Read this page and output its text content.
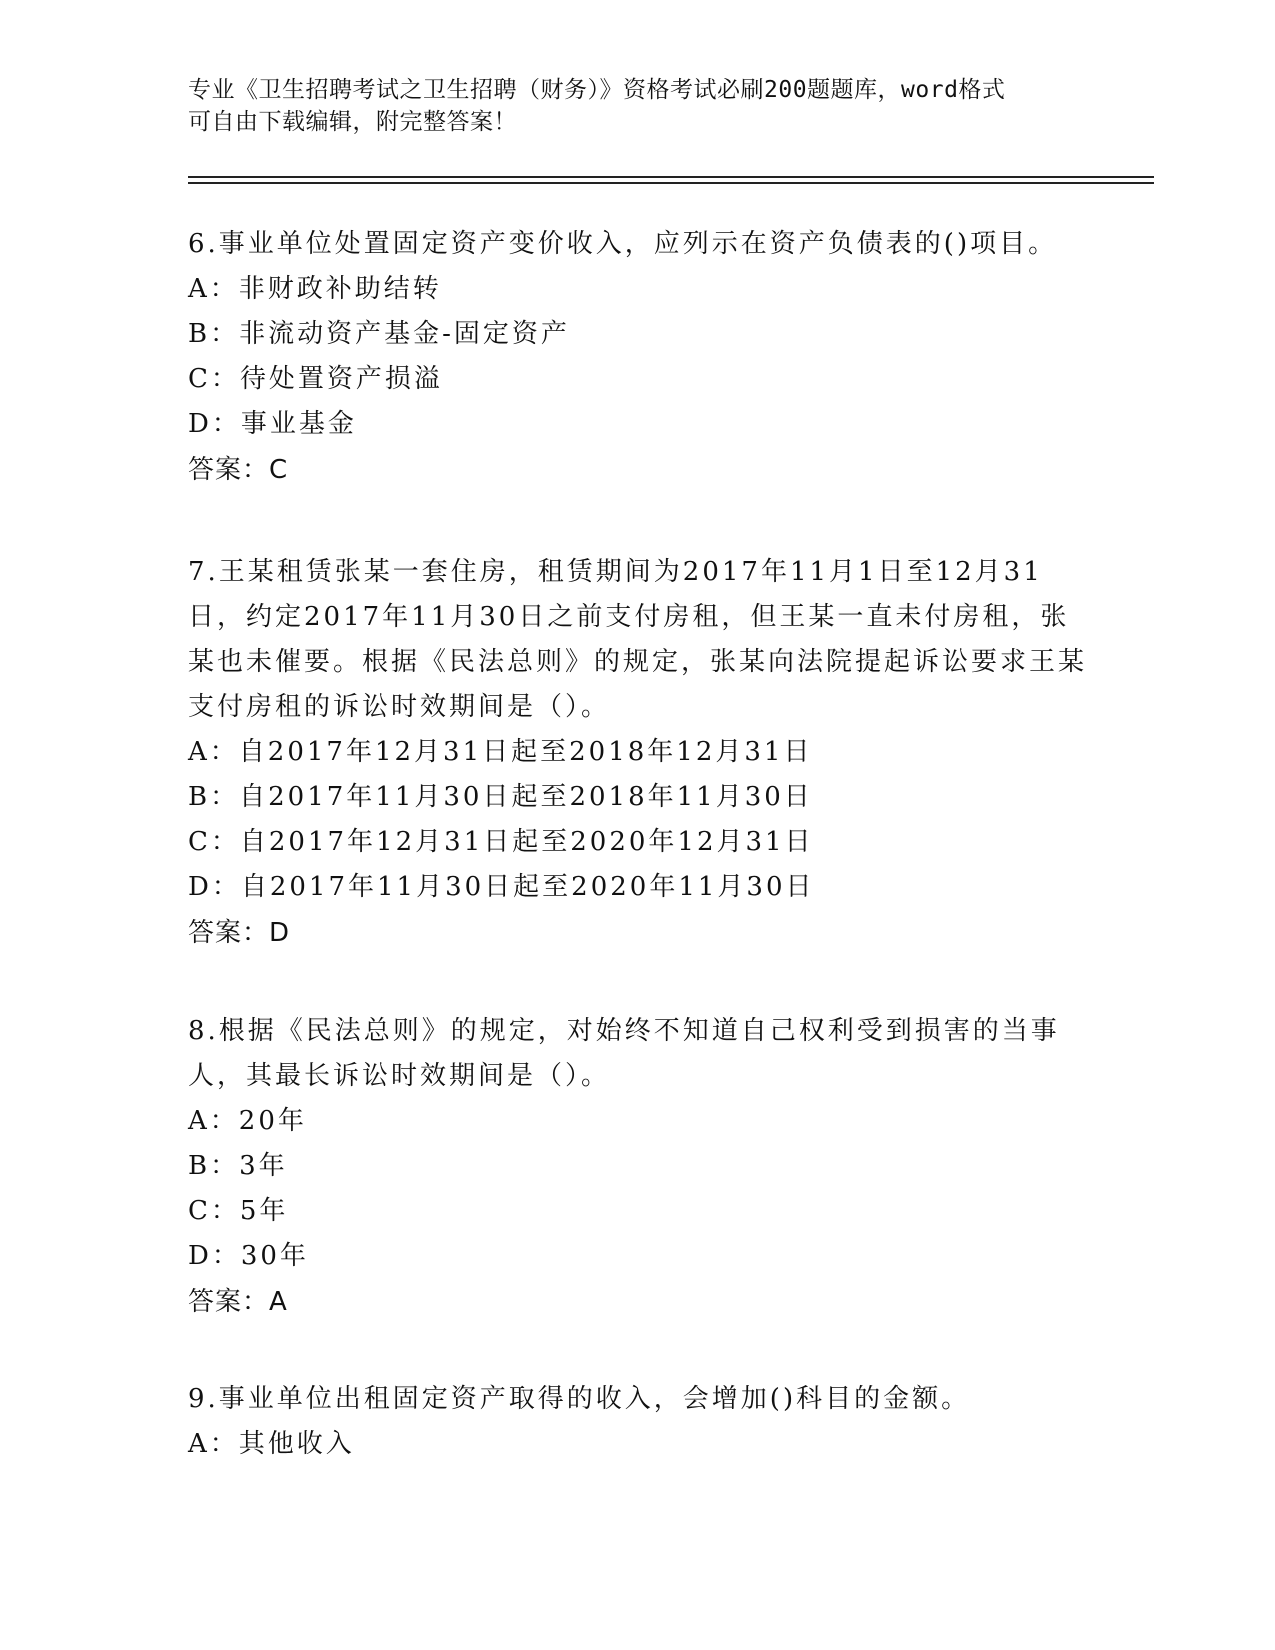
专业《卫生招聘考试之卫生招聘（财务）》资格考试必刷200题题库，word格式
可自由下载编辑，附完整答案！
6.事业单位处置固定资产变价收入，应列示在资产负债表的()项目。
A：非财政补助结转
B：非流动资产基金-固定资产
C：待处置资产损溢
D：事业基金
答案：C
7.王某租赁张某一套住房，租赁期间为2017年11月1日至12月31日，约定2017年11月30日之前支付房租，但王某一直未付房租，张某也未催要。根据《民法总则》的规定，张某向法院提起诉讼要求王某支付房租的诉讼时效期间是（）。
A：自2017年12月31日起至2018年12月31日
B：自2017年11月30日起至2018年11月30日
C：自2017年12月31日起至2020年12月31日
D：自2017年11月30日起至2020年11月30日
答案：D
8.根据《民法总则》的规定，对始终不知道自己权利受到损害的当事人，其最长诉讼时效期间是（）。
A：20年
B：3年
C：5年
D：30年
答案：A
9.事业单位出租固定资产取得的收入，会增加()科目的金额。
A：其他收入
